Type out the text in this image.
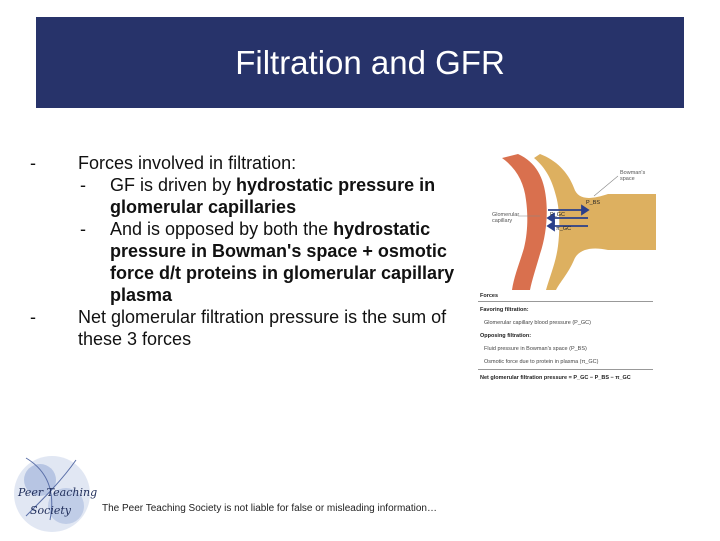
Filtration and GFR
-	Forces involved in filtration:
-	GF is driven by hydrostatic pressure in glomerular capillaries
-	And is opposed by both the hydrostatic pressure in Bowman's space + osmotic force d/t proteins in glomerular capillary plasma
-	Net glomerular filtration pressure is the sum of these 3 forces
Bowman's space
Glomerular capillary
P_BS
P_GC
π_GC
Forces
Favoring filtration:
Glomerular capillary blood pressure (P_GC)
Opposing filtration:
Fluid pressure in Bowman's space (P_BS)
Osmotic force due to protein in plasma (π_GC)
Net glomerular filtration pressure = P_GC − P_BS − π_GC
Peer Teaching
Society	The Peer Teaching Society is not liable for false or misleading information…
